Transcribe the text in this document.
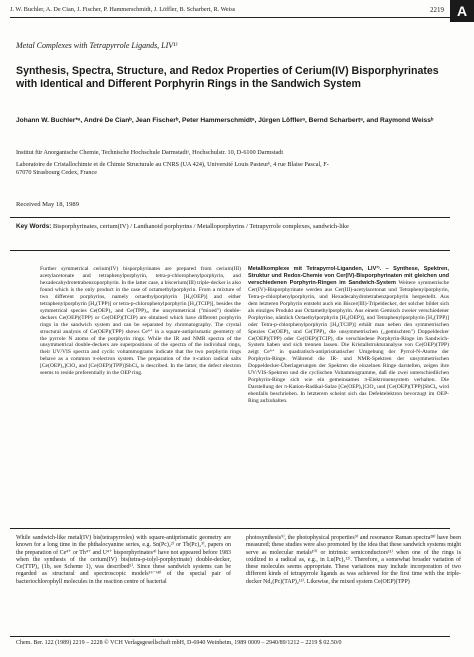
J. W. Buchler, A. De Cian, J. Fischer, P. Hammerschmidt, J. Löffler, B. Scharbert, R. Weiss	2219 A
Metal Complexes with Tetrapyrrole Ligands, LIV¹⁾
Synthesis, Spectra, Structure, and Redox Properties of Cerium(IV) Bisporphyrinates with Identical and Different Porphyrin Rings in the Sandwich System
Johann W. Buchler*ᵃ, André De Cianᵇ, Jean Fischerᵇ, Peter Hammerschmidtᵃ, Jürgen Löfflerᵃ, Bernd Scharbertᵃ, and Raymond Weissᵇ

Institut für Anorganische Chemie, Technische Hochschule Darmstadtᵃ, Hochschulstr. 10, D-6100 Darmstadt

Laboratoire de Cristallochimie et de Chimie Structurale au CNRS (UA 424), Université Louis Pasteurᵇ, 4 rue Blaise Pascal, F-67070 Strasbourg Cedex, France

Received May 18, 1989
Key Words: Bisporphyrinates, cerium(IV) / Lanthanoid porphyrins / Metalloporphyrins / Tetrapyrrole complexes, sandwich-like
Further symmetrical cerium(IV) bisporphyrinates are prepared from cerium(III) acetylacetonate and tetraphenylporphyrin, tetra-p-chlorophenylporphyrin, and hexadecahydrotetrabenzoporphyrin. In the latter case, a biscerium(III) triple-decker is also found which is the only product in the case of octamethylporphyrin. From a mixture of two different porphyrins, namely octaethylporphyrin [H₂(OEP)] and either tetraphenylporphyrin [H₂(TPP)] or tetra-p-chlorophenylporphyrin [H₂(TCIP)], besides the symmetrical species Ce(OEP)₂ and Ce(TPP)₂, the unsymmetrical ("mixed") double-deckers Ce(OEP)(TPP) or Ce(OEP)(TCIP) are obtained which have different porphyrin rings in the sandwich system and can be separated by chromatography. The crystal structural analysis of Ce(OEP)(TPP) shows Ce⁴⁺ in a square-antiprismatic geometry of the pyrrole N atoms of the porphyrin rings. While the IR and NMR spectra of the unsymmetrical double-deckers are superpositions of the spectra of the individual rings, their UV/VIS spectra and cyclic voltammograms indicate that the two porphyrin rings behave as a common π-electron system. The preparation of the π-cation radical salts [Ce(OEP)₂]ClO₄ and [Ce(OEP)(TPP)]SbCl₆ is described. In the latter, the defect electron seems to reside preferentially in the OEP ring.
Metallkomplexe mit Tetrapyrrol-Liganden, LIV¹⁾. – Synthese, Spektren, Struktur und Redox-Chemie von Cer(IV)-Bisporphyrinaten mit gleichen und verschiedenen Porphyrin-Ringen im Sandwich-System Weitere symmetrische Cer(IV)-Bisporphyrinate werden aus Cer(III)-acetylacetonat und Tetraphenylporphyrin, Tetra-p-chlorphenylporphyrin, und Hexadecahydrotetrabenzporphyrin hergestellt. Aus dem letzteren Porphyrin entsteht auch ein Biscer(III)-Tripeldecker, der solcher bildet sich als einziges Produkt aus Octamethylporphyrin. Aus einem Gemisch zweier verschiedener Porphyrine, nämlich Octaethylporphyrin [H₂(OEP)], und Tetraphenylporphyrin [H₂(TPP)] oder Tetra-p-chlorphenylporphyrin [H₂(TCIP)] erhält man neben den symmetrischen Spezies Ce(OEP)₂ und Ce(TPP)₂ die unsymmetrischen („gemischten") Doppeldecker Ce(OEP)(TPP) oder Ce(OEP)(TCIP), die verschiedene Porphyrin-Ringe im Sandwich-System haben und sich trennen lassen. Die Kristallstrukturanalyse von Ce(OEP)(TPP) zeigt Ce⁴⁺ in quadratisch-antiprismatischer Umgebung der Pyrrol-N-Atome der Porphyrin-Ringe. Während die IR- und NMR-Spektren der unsymmetrischen Doppeldecker-Überlagerungen der Spektren die einzelnen Ringe darstellen, zeigen ihre UV/VIS-Spektren und die cyclischen Voltammogramme, daß die zwei unterschiedlichen Porphyrin-Ringe sich wie ein gemeinsames π-Elektronensystem verhalten. Die Darstellung der π-Kation-Radikal-Salze [Ce(OEP)₂]ClO₄ und [Ce(OEP)(TPP)]SbCl₆ wird ebenfalls beschrieben. In letzterem scheint sich das Defektelektron bevorzugt im OEP-Ring aufzuhalten.
While sandwich-like metal(IV) bis(tetrapyrroles) with square-antiprismatic geometry are known for a long time in the phthalocyanine series, e.g. Sn(Pc)₂²⁾ or Tb(Pc)₂³⁾, papers on the preparation of Ce⁴⁺ or Th⁴⁺ and U⁴⁺ bisporphyrinates⁴⁾ have not appeared before 1983 when the synthesis of the cerium(IV) bis(tetra-p-tolyl-porphyrinate) double-decker, Ce(TTP)₂ (1b, see Scheme 1), was described⁵⁾. Since these sandwich systems can be regarded as structural and spectroscopic models⁵⁶⁻⁶⁸⁾ of the special pair of bacteriochlorophyll molecules in the reaction centre of bacterial
photosynthesis⁹⁾, the photophysical properties⁹⁾ and resonance Raman spectra²⁸⁾ have been measured; these studies were also promoted by the idea that these sandwich systems might serve as molecular metals¹⁰⁾ or intrinsic semiconductors¹¹⁾ when one of the rings is oxidized to a radical as, e.g., in Lu(Pc)₂¹²⁾. Therefore, a somewhat broader variation of these molecules seems appropriate. These variations may include incorporation of two different kinds of tetrapyrrole ligands as was achieved for the first time with the triple-decker Nd₂(Pc)(TAP)₂¹³⁾. Likewise, the mixed system Ce(OEP)(TPP)
Chem. Ber. 122 (1989) 2219 – 2228 © VCH Verlagsgesellschaft mbH, D-6940 Weinheim, 1989 0009 – 2940/89/1212 – 2219 $ 02.50/0
